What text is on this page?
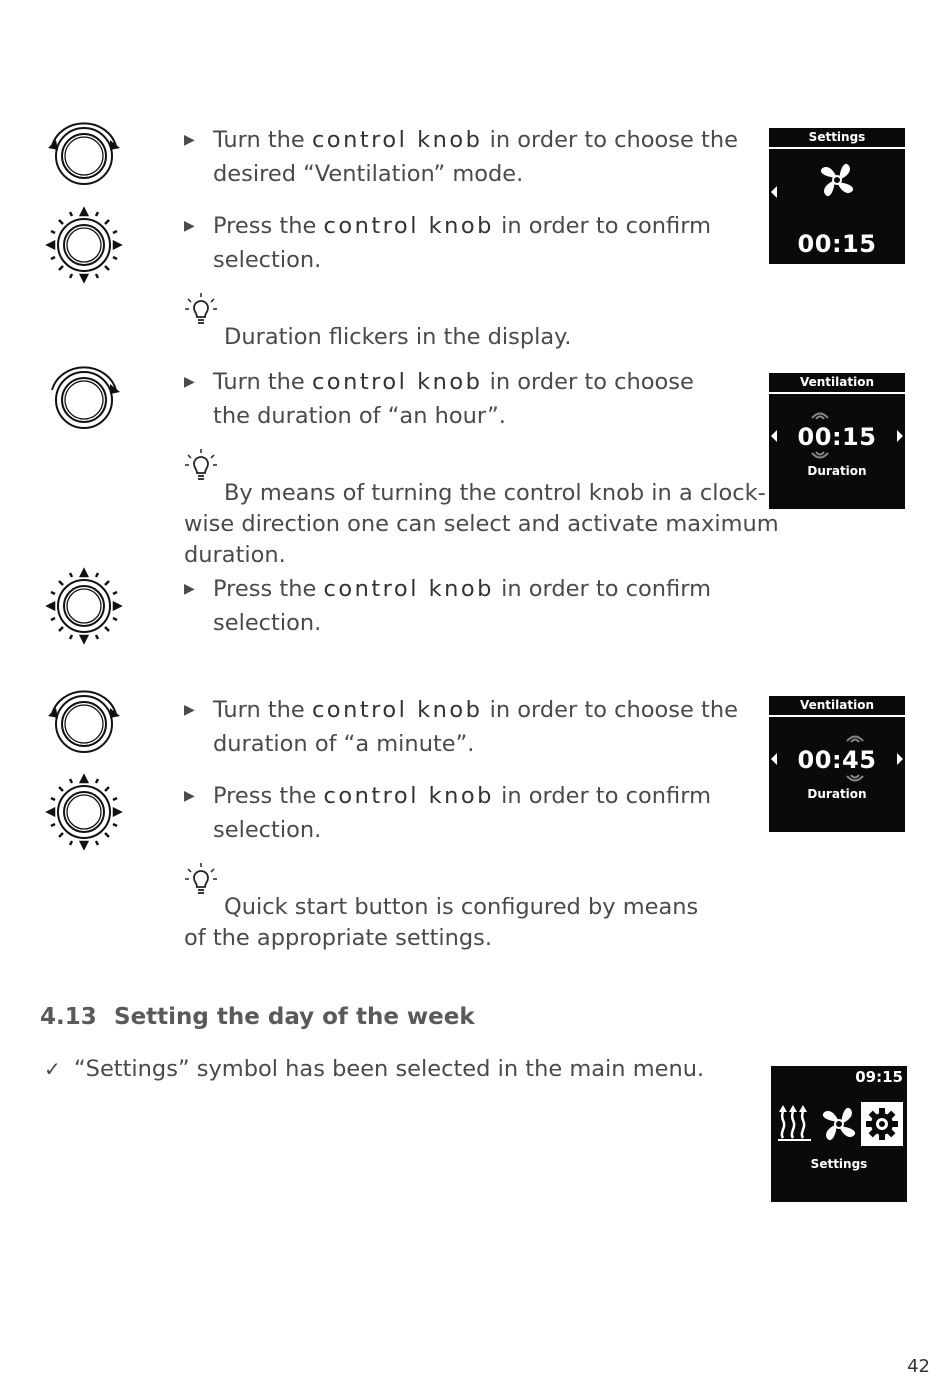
▶ Turn the control knob in order to choose the
desired “Ventilation” mode.
▶ Press the control knob in order to confirm
selection.
Duration flickers in the display.
▶ Turn the control knob in order to choose
the duration of “an hour”.
By means of turning the control knob in a clock-
wise direction one can select and activate maximum
duration.
▶ Press the control knob in order to confirm
selection.
▶ Turn the control knob in order to choose the
duration of “a minute”.
▶ Press the control knob in order to confirm
selection.
Quick start button is configured by means
of the appropriate settings.
Settings
00:15
Ventilation
00:15
Duration
Ventilation
00:45
Duration
09:15
Settings
4.13 Setting the day of the week
✓ “Settings” symbol has been selected in the main menu.
42
